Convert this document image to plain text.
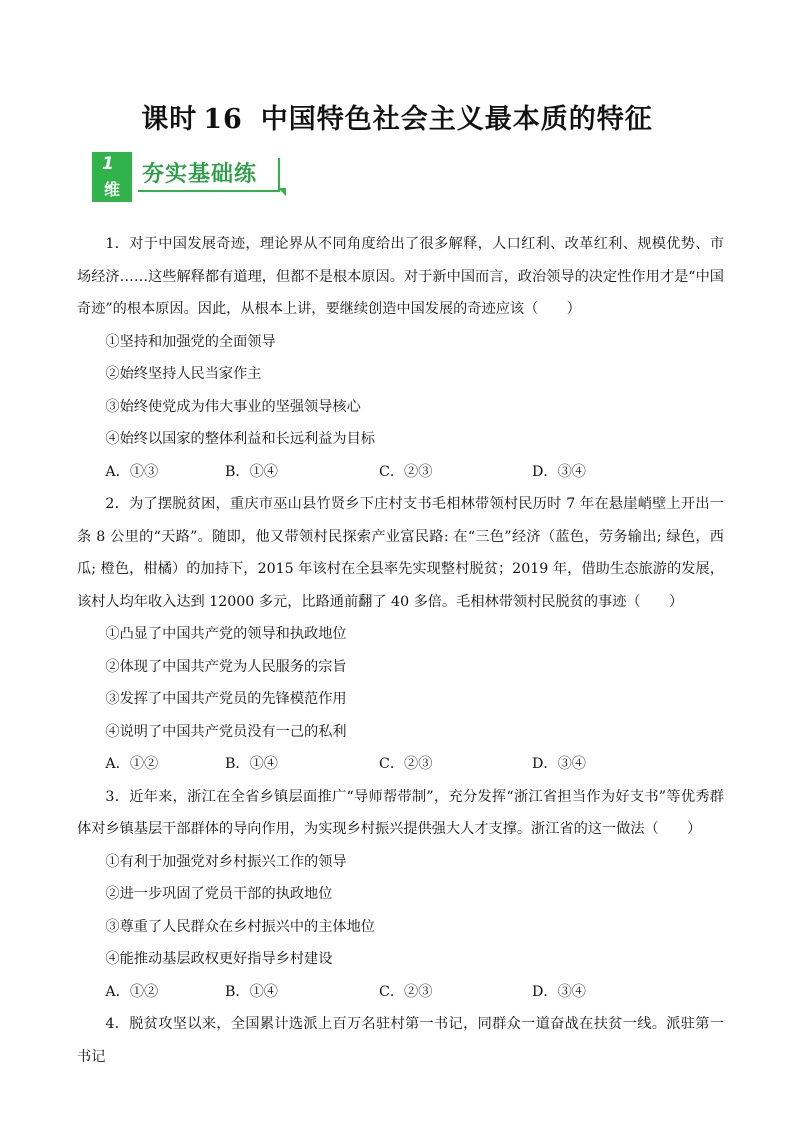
课时 16 中国特色社会主义最本质的特征
1
维
夯实基础练

1．对于中国发展奇迹，理论界从不同角度给出了很多解释，人口红利、改革红利、规模优势、市场经济……这些解释都有道理，但都不是根本原因。对于新中国而言，政治领导的决定性作用才是“中国奇迹”的根本原因。因此，从根本上讲，要继续创造中国发展的奇迹应该（　　）

①坚持和加强党的全面领导

②始终坚持人民当家作主

③始终使党成为伟大事业的坚强领导核心

④始终以国家的整体利益和长远利益为目标

A．①③	B．①④	C．②③	D．③④

2．为了摆脱贫困，重庆市巫山县竹贤乡下庄村支书毛相林带领村民历时 7 年在悬崖峭壁上开出一条 8 公里的“天路”。随即，他又带领村民探索产业富民路: 在“三色”经济（蓝色，劳务输出; 绿色，西瓜; 橙色，柑橘）的加持下，2015 年该村在全县率先实现整村脱贫；2019 年，借助生态旅游的发展，该村人均年收入达到 12000 多元，比路通前翻了 40 多倍。毛相林带领村民脱贫的事迹（　　）

①凸显了中国共产党的领导和执政地位

②体现了中国共产党为人民服务的宗旨

③发挥了中国共产党员的先锋模范作用

④说明了中国共产党员没有一己的私利

A．①②	B．①④	C．②③	D．③④

3．近年来，浙江在全省乡镇层面推广“导师帮带制”，充分发挥“浙江省担当作为好支书”等优秀群体对乡镇基层干部群体的导向作用，为实现乡村振兴提供强大人才支撑。浙江省的这一做法（　　）

①有利于加强党对乡村振兴工作的领导

②进一步巩固了党员干部的执政地位

③尊重了人民群众在乡村振兴中的主体地位

④能推动基层政权更好指导乡村建设

A．①②	B．①④	C．②③	D．③④

4．脱贫攻坚以来，全国累计选派上百万名驻村第一书记，同群众一道奋战在扶贫一线。派驻第一书记
